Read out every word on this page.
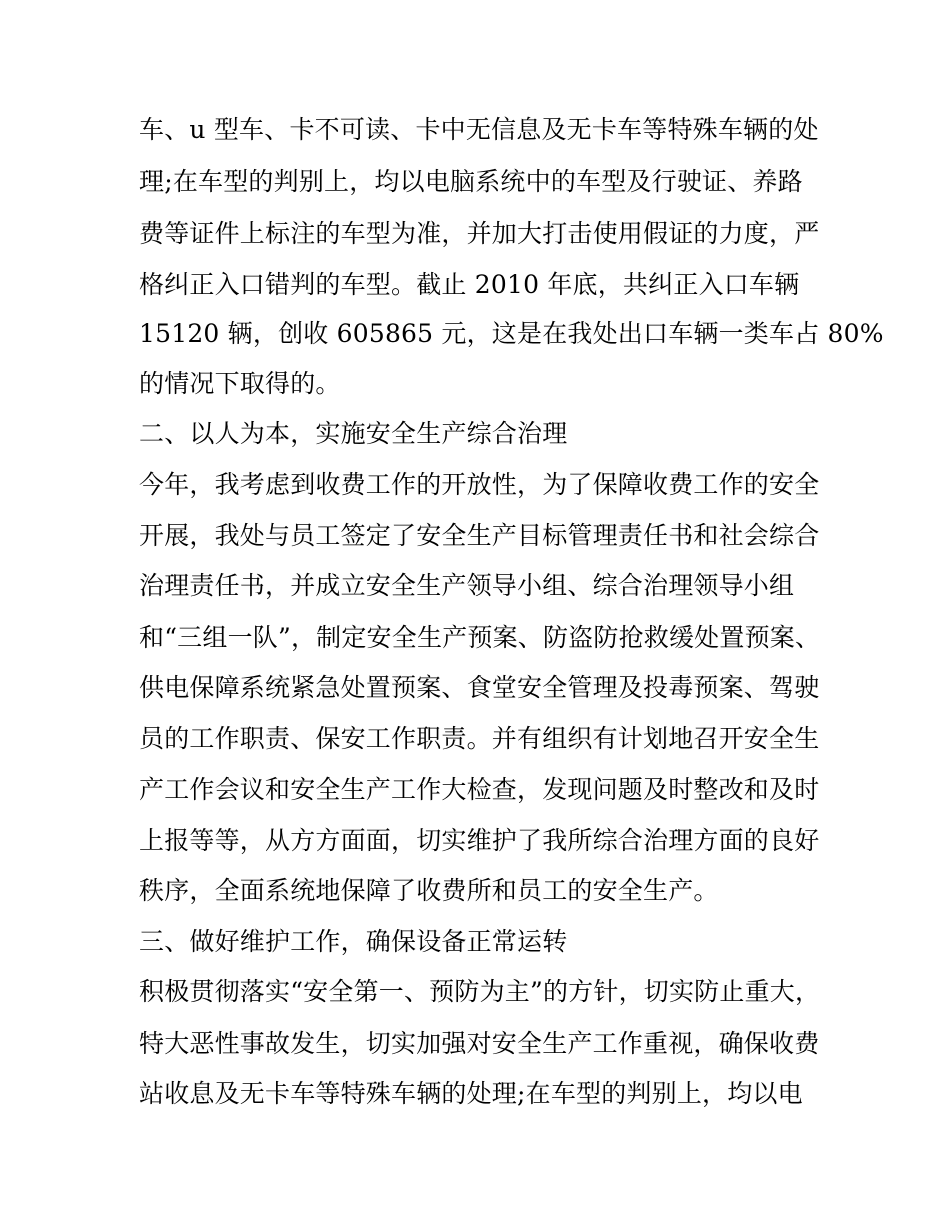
车、u 型车、卡不可读、卡中无信息及无卡车等特殊车辆的处
理;在车型的判别上，均以电脑系统中的车型及行驶证、养路
费等证件上标注的车型为准，并加大打击使用假证的力度，严
格纠正入口错判的车型。截止 2010 年底，共纠正入口车辆
15120 辆，创收 605865 元，这是在我处出口车辆一类车占 80%
的情况下取得的。
二、以人为本，实施安全生产综合治理
今年，我考虑到收费工作的开放性，为了保障收费工作的安全
开展，我处与员工签定了安全生产目标管理责任书和社会综合
治理责任书，并成立安全生产领导小组、综合治理领导小组
和“三组一队”，制定安全生产预案、防盗防抢救缓处置预案、
供电保障系统紧急处置预案、食堂安全管理及投毒预案、驾驶
员的工作职责、保安工作职责。并有组织有计划地召开安全生
产工作会议和安全生产工作大检查，发现问题及时整改和及时
上报等等，从方方面面，切实维护了我所综合治理方面的良好
秩序，全面系统地保障了收费所和员工的安全生产。
三、做好维护工作，确保设备正常运转
积极贯彻落实“安全第一、预防为主”的方针，切实防止重大，
特大恶性事故发生，切实加强对安全生产工作重视，确保收费
站收息及无卡车等特殊车辆的处理;在车型的判别上，均以电
